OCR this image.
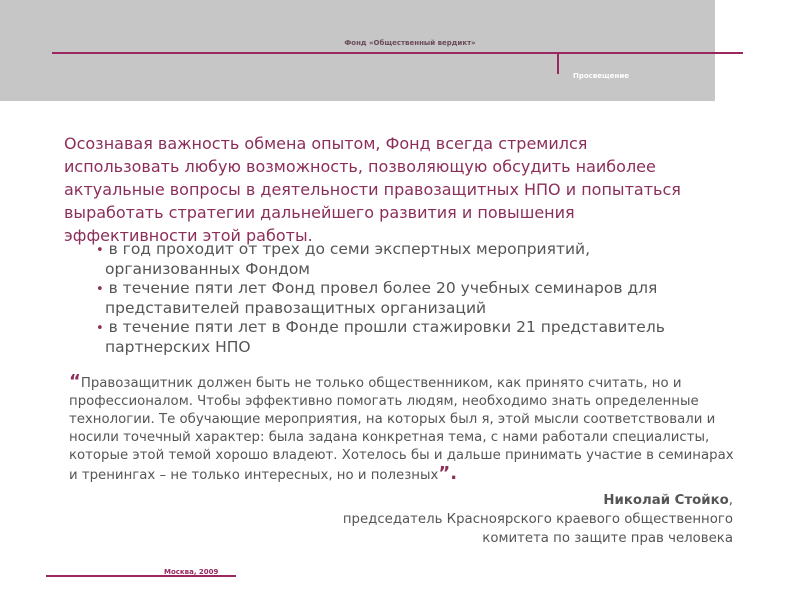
Фонд «Общественный вердикт»
Просвещение
Осознавая важность обмена опытом, Фонд всегда стремился использовать любую возможность, позволяющую обсудить наиболее актуальные вопросы в деятельности правозащитных НПО и попытаться выработать стратегии дальнейшего развития и повышения эффективности этой работы.
• в год проходит от трех до семи экспертных мероприятий, организованных Фондом
• в течение пяти лет Фонд провел более 20 учебных семинаров для представителей правозащитных организаций
• в течение пяти лет в Фонде прошли стажировки 21 представитель партнерских НПО
“Правозащитник должен быть не только общественником, как принято считать, но и профессионалом. Чтобы эффективно помогать людям, необходимо знать определенные технологии. Те обучающие мероприятия, на которых был я, этой мысли соответствовали и носили точечный характер: была задана конкретная тема, с нами работали специалисты, которые этой темой хорошо владеют. Хотелось бы и дальше принимать участие в семинарах и тренингах – не только интересных, но и полезных”.
Николай Стойко,
председатель Красноярского краевого общественного
комитета по защите прав человека
Москва, 2009
